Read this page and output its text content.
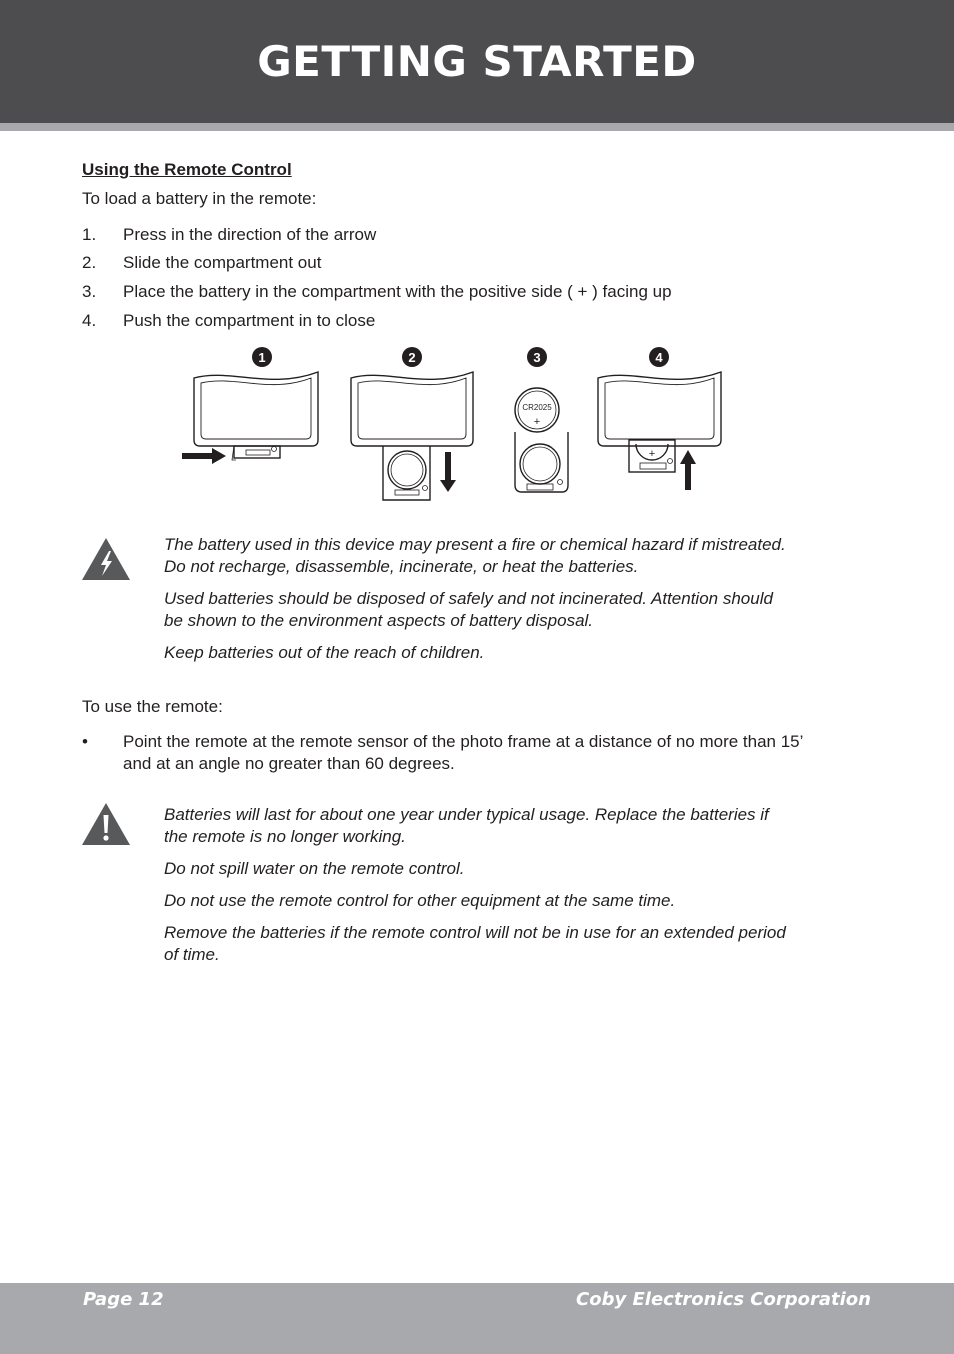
GETTING STARTED

Using the Remote Control

To load a battery in the remote:

1. Press in the direction of the arrow
2. Slide the compartment out
3. Place the battery in the compartment with the positive side ( + ) facing up
4. Push the compartment in to close
1	2	3	4
CR2025
+
+

The battery used in this device may present a fire or chemical hazard if mistreated.

Do not recharge, disassemble, incinerate, or heat the batteries.

Used batteries should be disposed of safely and not incinerated. Attention should

be shown to the environment aspects of battery disposal.

Keep batteries out of the reach of children.

To use the remote:

• Point the remote at the remote sensor of the photo frame at a distance of no more than 15’
and at an angle no greater than 60 degrees.

Batteries will last for about one year under typical usage. Replace the batteries if

the remote is no longer working.

Do not spill water on the remote control.

Do not use the remote control for other equipment at the same time.

Remove the batteries if the remote control will not be in use for an extended period

of time.

Page 12	Coby Electronics Corporation
